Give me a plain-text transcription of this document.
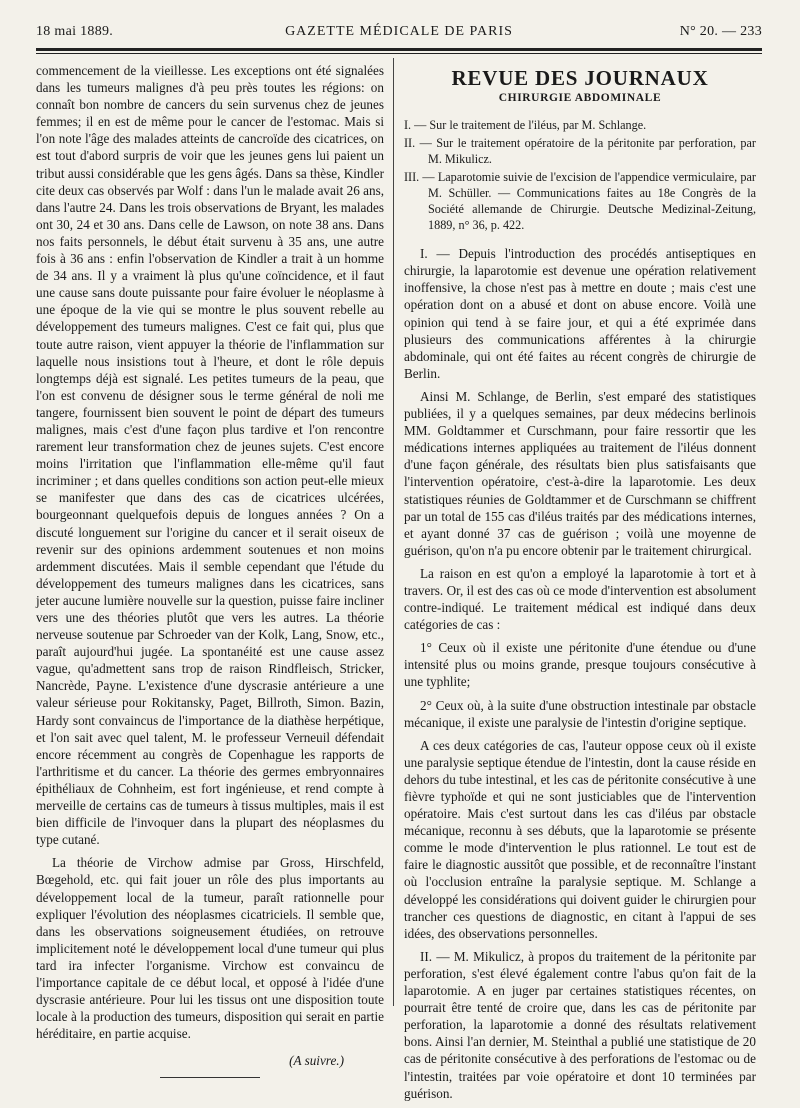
18 mai 1889.	GAZETTE MÉDICALE DE PARIS	N° 20. — 233

commencement de la vieillesse. Les exceptions ont été signalées dans les tumeurs malignes d'à peu près toutes les régions: on connaît bon nombre de cancers du sein survenus chez de jeunes femmes; il en est de même pour le cancer de l'estomac. Mais si l'on note l'âge des malades atteints de cancroïde des cicatrices, on est tout d'abord surpris de voir que les jeunes gens lui paient un tribut aussi considérable que les gens âgés. Dans sa thèse, Kindler cite deux cas observés par Wolf : dans l'un le malade avait 26 ans, dans l'autre 24. Dans les trois observations de Bryant, les malades ont 30, 24 et 30 ans. Dans celle de Lawson, on note 38 ans. Dans nos faits personnels, le début était survenu à 35 ans, une autre fois à 36 ans : enfin l'observation de Kindler a trait à un homme de 34 ans. Il y a vraiment là plus qu'une coïncidence, et il faut une cause sans doute puissante pour faire évoluer le néoplasme à une époque de la vie qui se montre le plus souvent rebelle au développement des tumeurs malignes. C'est ce fait qui, plus que toute autre raison, vient appuyer la théorie de l'inflammation sur laquelle nous insistions tout à l'heure, et dont le rôle depuis longtemps déjà est signalé. Les petites tumeurs de la peau, que l'on est convenu de désigner sous le terme général de noli me tangere, fournissent bien souvent le point de départ des tumeurs malignes, mais c'est d'une façon plus tardive et l'on rencontre rarement leur transformation chez de jeunes sujets. C'est encore moins l'irritation que l'inflammation elle-même qu'il faut incriminer ; et dans quelles conditions son action peut-elle mieux se manifester que dans des cas de cicatrices ulcérées, bourgeonnant quelquefois depuis de longues années ? On a discuté longuement sur l'origine du cancer et il serait oiseux de revenir sur des opinions ardemment soutenues et non moins ardemment discutées. Mais il semble cependant que l'étude du développement des tumeurs malignes dans les cicatrices, sans jeter aucune lumière nouvelle sur la question, puisse faire incliner vers une des théories plutôt que vers les autres. La théorie nerveuse soutenue par Schroeder van der Kolk, Lang, Snow, etc., paraît aujourd'hui jugée. La spontanéité est une cause assez vague, qu'admettent sans trop de raison Rindfleisch, Stricker, Nancrède, Payne. L'existence d'une dyscrasie antérieure a une valeur sérieuse pour Rokitansky, Paget, Billroth, Simon. Bazin, Hardy sont convaincus de l'importance de la diathèse herpétique, et l'on sait avec quel talent, M. le professeur Verneuil défendait encore récemment au congrès de Copenhague les rapports de l'arthritisme et du cancer. La théorie des germes embryonnaires épithéliaux de Cohnheim, est fort ingénieuse, et rend compte à merveille de certains cas de tumeurs à tissus multiples, mais il est bien difficile de l'invoquer dans la plupart des néoplasmes du type cutané.

La théorie de Virchow admise par Gross, Hirschfeld, Bœgehold, etc. qui fait jouer un rôle des plus importants au développement local de la tumeur, paraît rationnelle pour expliquer l'évolution des néoplasmes cicatriciels. Il semble que, dans les observations soigneusement étudiées, on retrouve implicitement noté le développement local d'une tumeur qui plus tard ira infecter l'organisme. Virchow est convaincu de l'importance capitale de ce début local, et opposé à l'idée d'une dyscrasie antérieure. Pour lui les tissus ont une disposition toute locale à la production des tumeurs, disposition qui serait en partie héréditaire, en partie acquise.

(A suivre.)
REVUE DES JOURNAUX
CHIRURGIE ABDOMINALE
I. — Sur le traitement de l'iléus, par M. Schlange.
II. — Sur le traitement opératoire de la péritonite par perforation, par M. Mikulicz.
III. — Laparotomie suivie de l'excision de l'appendice vermiculaire, par M. Schüller. — Communications faites au 18e Congrès de la Société allemande de Chirurgie. Deutsche Medizinal-Zeitung, 1889, n° 36, p. 422.

I. — Depuis l'introduction des procédés antiseptiques en chirurgie, la laparotomie est devenue une opération relativement inoffensive, la chose n'est pas à mettre en doute ; mais c'est une opération dont on a abusé et dont on abuse encore. Voilà une opinion qui tend à se faire jour, et qui a été exprimée dans plusieurs des communications afférentes à la chirurgie abdominale, qui ont été faites au récent congrès de chirurgie de Berlin.

Ainsi M. Schlange, de Berlin, s'est emparé des statistiques publiées, il y a quelques semaines, par deux médecins berlinois MM. Goldtammer et Curschmann, pour faire ressortir que les médications internes appliquées au traitement de l'iléus donnent d'une façon générale, des résultats bien plus satisfaisants que l'intervention opératoire, c'est-à-dire la laparotomie. Les deux statistiques réunies de Goldtammer et de Curschmann se chiffrent par un total de 155 cas d'iléus traités par des médications internes, et ayant donné 37 cas de guérison ; voilà une moyenne de guérison, qu'on n'a pu encore obtenir par le traitement chirurgical.

La raison en est qu'on a employé la laparotomie à tort et à travers. Or, il est des cas où ce mode d'intervention est absolument contre-indiqué. Le traitement médical est indiqué dans deux catégories de cas :

1° Ceux où il existe une péritonite d'une étendue ou d'une intensité plus ou moins grande, presque toujours consécutive à une typhlite;

2° Ceux où, à la suite d'une obstruction intestinale par obstacle mécanique, il existe une paralysie de l'intestin d'origine septique.

A ces deux catégories de cas, l'auteur oppose ceux où il existe une paralysie septique étendue de l'intestin, dont la cause réside en dehors du tube intestinal, et les cas de péritonite consécutive à une fièvre typhoïde et qui ne sont justiciables que de l'intervention opératoire. Mais c'est surtout dans les cas d'iléus par obstacle mécanique, reconnu à ses débuts, que la laparotomie se présente comme le mode d'intervention le plus rationnel. Le tout est de faire le diagnostic aussitôt que possible, et de reconnaître l'instant où l'occlusion entraîne la paralysie septique. M. Schlange a développé les considérations qui doivent guider le chirurgien pour trancher ces questions de diagnostic, en citant à l'appui de ses idées, des observations personnelles.

II. — M. Mikulicz, à propos du traitement de la péritonite par perforation, s'est élevé également contre l'abus qu'on fait de la laparotomie. A en juger par certaines statistiques récentes, on pourrait être tenté de croire que, dans les cas de péritonite par perforation, la laparotomie a donné des résultats relativement bons. Ainsi l'an dernier, M. Steinthal a publié une statistique de 20 cas de péritonite consécutive à des perforations de l'estomac ou de l'intestin, traitées par voie opératoire et dont 10 terminées par guérison.
